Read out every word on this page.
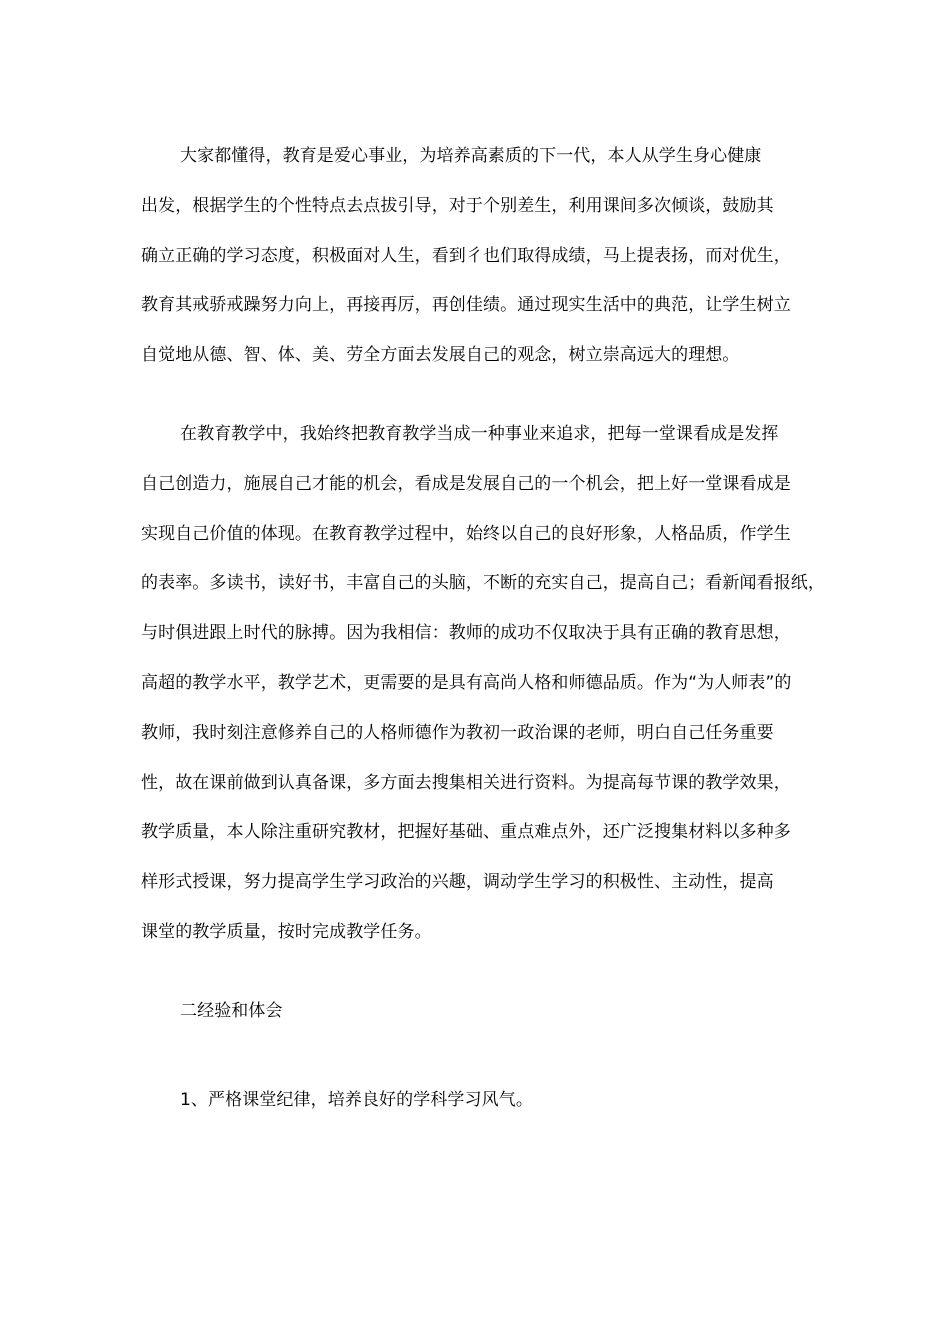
大家都懂得，教育是爱心事业，为培养高素质的下一代，本人从学生身心健康
出发，根据学生的个性特点去点拔引导，对于个别差生，利用课间多次倾谈，鼓励其
确立正确的学习态度，积极面对人生，看到彳也们取得成绩，马上提表扬，而对优生，
教育其戒骄戒躁努力向上，再接再厉，再创佳绩。通过现实生活中的典范，让学生树立
自觉地从德、智、体、美、劳全方面去发展自己的观念，树立崇高远大的理想。

在教育教学中，我始终把教育教学当成一种事业来追求，把每一堂课看成是发挥
自己创造力，施展自己才能的机会，看成是发展自己的一个机会，把上好一堂课看成是
实现自己价值的体现。在教育教学过程中，始终以自己的良好形象，人格品质，作学生
的表率。多读书，读好书，丰富自己的头脑，不断的充实自己，提高自己；看新闻看报纸，
与时俱进跟上时代的脉搏。因为我相信：教师的成功不仅取决于具有正确的教育思想，
高超的教学水平，教学艺术，更需要的是具有高尚人格和师德品质。作为“为人师表”的
教师，我时刻注意修养自己的人格师德作为教初一政治课的老师，明白自己任务重要
性，故在课前做到认真备课，多方面去搜集相关进行资料。为提高每节课的教学效果，
教学质量，本人除注重研究教材，把握好基础、重点难点外，还广泛搜集材料以多种多
样形式授课，努力提高学生学习政治的兴趣，调动学生学习的积极性、主动性，提高
课堂的教学质量，按时完成教学任务。

二经验和体会

1、严格课堂纪律，培养良好的学科学习风气。
